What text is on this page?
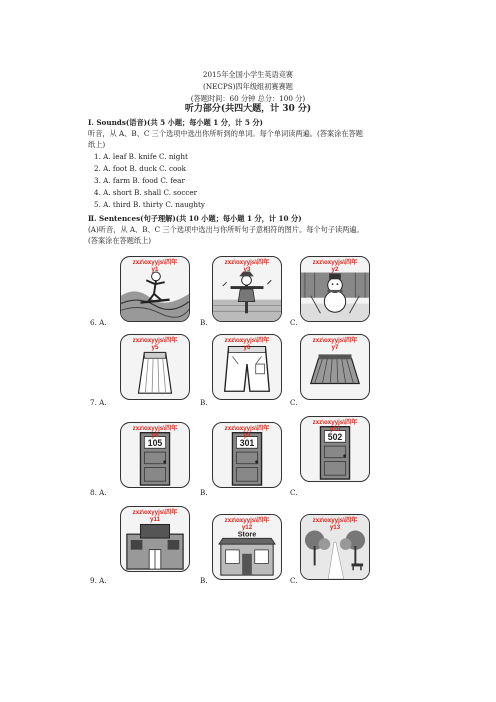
2015年全国小学生英语竞赛
(NECPS)四年级组初赛赛题
(答题时间：60 分钟 总分：100 分)
听力部分(共四大题，计 30 分)
Ⅰ. Sounds(语音)(共 5 小题；每小题 1 分，计 5 分)
听音，从 A、B、C 三个选项中选出你所听到的单词。每个单词读两遍。(答案涂在答题
纸上)
1. A. leaf B. knife C. night
2. A. foot B. duck C. cook
3. A. farm B. food C. fear
4. A. short B. shall C. soccer
5. A. third B. thirty C. naughty
Ⅱ. Sentences(句子理解)(共 10 小题；每小题 1 分，计 10 分)
(A)听音，从 A、B、C 三个选项中选出与你所听句子意相符的图片。每个句子读两遍。
(答案涂在答题纸上)
zxz\oxyyjs\四年
y1
6. A.
zxz\oxyyjs\四年
y3
B.
zxz\oxyyjs\四年
y2
C.
zxz\oxyyjs\四年
y5
7. A.
zxz\oxyyjs\四年
y6
B.
zxz\oxyyjs\四年
y7
C.
zxz\oxyyjs\四年
y8
105
8. A.
zxz\oxyyjs\四年
y9
301
B.
zxz\oxyyjs\四年
y10
502
C.
zxz\oxyyjs\四年
y11
9. A.
zxz\oxyyjs\四年
y12
Store
B.
zxz\oxyyjs\四年
y13
C.
